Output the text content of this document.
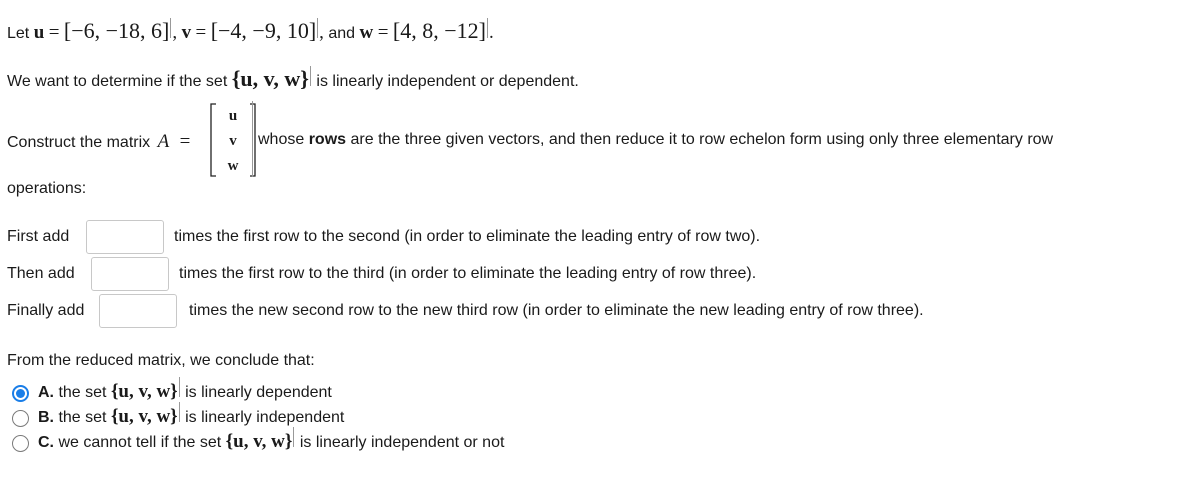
Let
u
=
[−6, −18, 6] ,
v
=
[−4, −9, 10] ,
and
w
=
[4, 8, −12] .
We want to determine if the set
{u, v, w}
is linearly independent or dependent.
Construct the matrix A =
u
v
w
whose rows are the three given vectors, and then reduce it to row echelon form using only three elementary row
operations:
First add	times the first row to the second (in order to eliminate the leading entry of row two).
Then add	times the first row to the third (in order to eliminate the leading entry of row three).
Finally add	times the new second row to the new third row (in order to eliminate the new leading entry of row three).
From the reduced matrix, we conclude that:
A.
the set
{u, v, w}
is linearly dependent
B.
the set
{u, v, w}
is linearly independent
C.
we cannot tell if the set
{u, v, w}
is linearly independent or not
